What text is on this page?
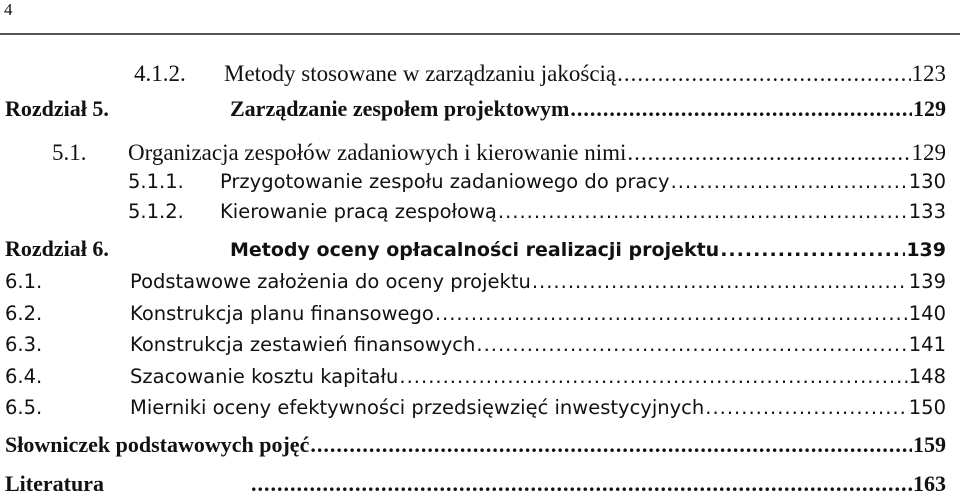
4
4.1.2.	Metody stosowane w zarządzaniu jakością .....	123
Rozdział 5.	Zarządzanie zespołem projektowym .....	129
5.1.	Organizacja zespołów zadaniowych i kierowanie nimi .....	129
5.1.1.	Przygotowanie zespołu zadaniowego do pracy .....	130
5.1.2.	Kierowanie pracą zespołową .....	133
Rozdział 6.	Metody oceny opłacalności realizacji projektu .....	139
6.1.	Podstawowe założenia do oceny projektu .....	139
6.2.	Konstrukcja planu finansowego .....	140
6.3.	Konstrukcja zestawień finansowych .....	141
6.4.	Szacowanie kosztu kapitału .....	148
6.5.	Mierniki oceny efektywności przedsięwzięć inwestycyjnych .....	150
Słowniczek podstawowych pojęć .....	159
Literatura .....	163
